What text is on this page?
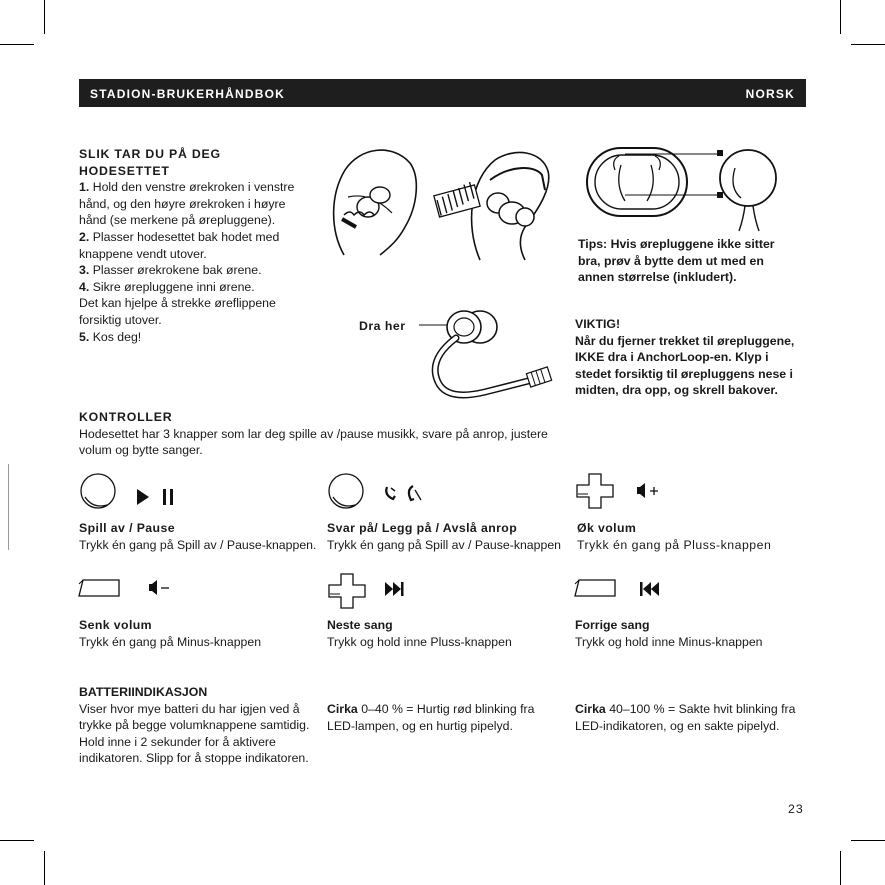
STADION-BRUKERHÅNDBOK	NORSK
SLIK TAR DU PÅ DEG HODESETTET
1. Hold den venstre ørekroken i venstre hånd, og den høyre ørekroken i høyre hånd (se merkene på ørepluggene).
2. Plasser hodesettet bak hodet med knappene vendt utover.
3. Plasser ørekrokene bak ørene.
4. Sikre ørepluggene inni ørene.
Det kan hjelpe å strekke øreflippene forsiktig utover.
5. Kos deg!
Tips: Hvis ørepluggene ikke sitter bra, prøv å bytte dem ut med en annen størrelse (inkludert).
Dra her	VIKTIG!
Når du fjerner trekket til ørepluggene, IKKE dra i AnchorLoop-en. Klyp i stedet forsiktig til ørepluggens nese i midten, dra opp, og skrell bakover.
KONTROLLER
Hodesettet har 3 knapper som lar deg spille av /pause musikk, svare på anrop, justere volum og bytte sanger.
Spill av / Pause
Trykk én gang på Spill av / Pause-knappen.
Svar på/ Legg på / Avslå anrop
Trykk én gang på Spill av / Pause-knappen
Øk volum
Trykk én gang på Pluss-knappen
Senk volum
Trykk én gang på Minus-knappen
Neste sang
Trykk og hold inne Pluss-knappen
Forrige sang
Trykk og hold inne Minus-knappen
BATTERIINDIKASJON
Viser hvor mye batteri du har igjen ved å trykke på begge volumknappene samtidig. Hold inne i 2 sekunder for å aktivere indikatoren. Slipp for å stoppe indikatoren.
Cirka 0–40 % = Hurtig rød blinking fra LED-lampen, og en hurtig pipelyd.
Cirka 40–100 % = Sakte hvit blinking fra LED-indikatoren, og en sakte pipelyd.
23
